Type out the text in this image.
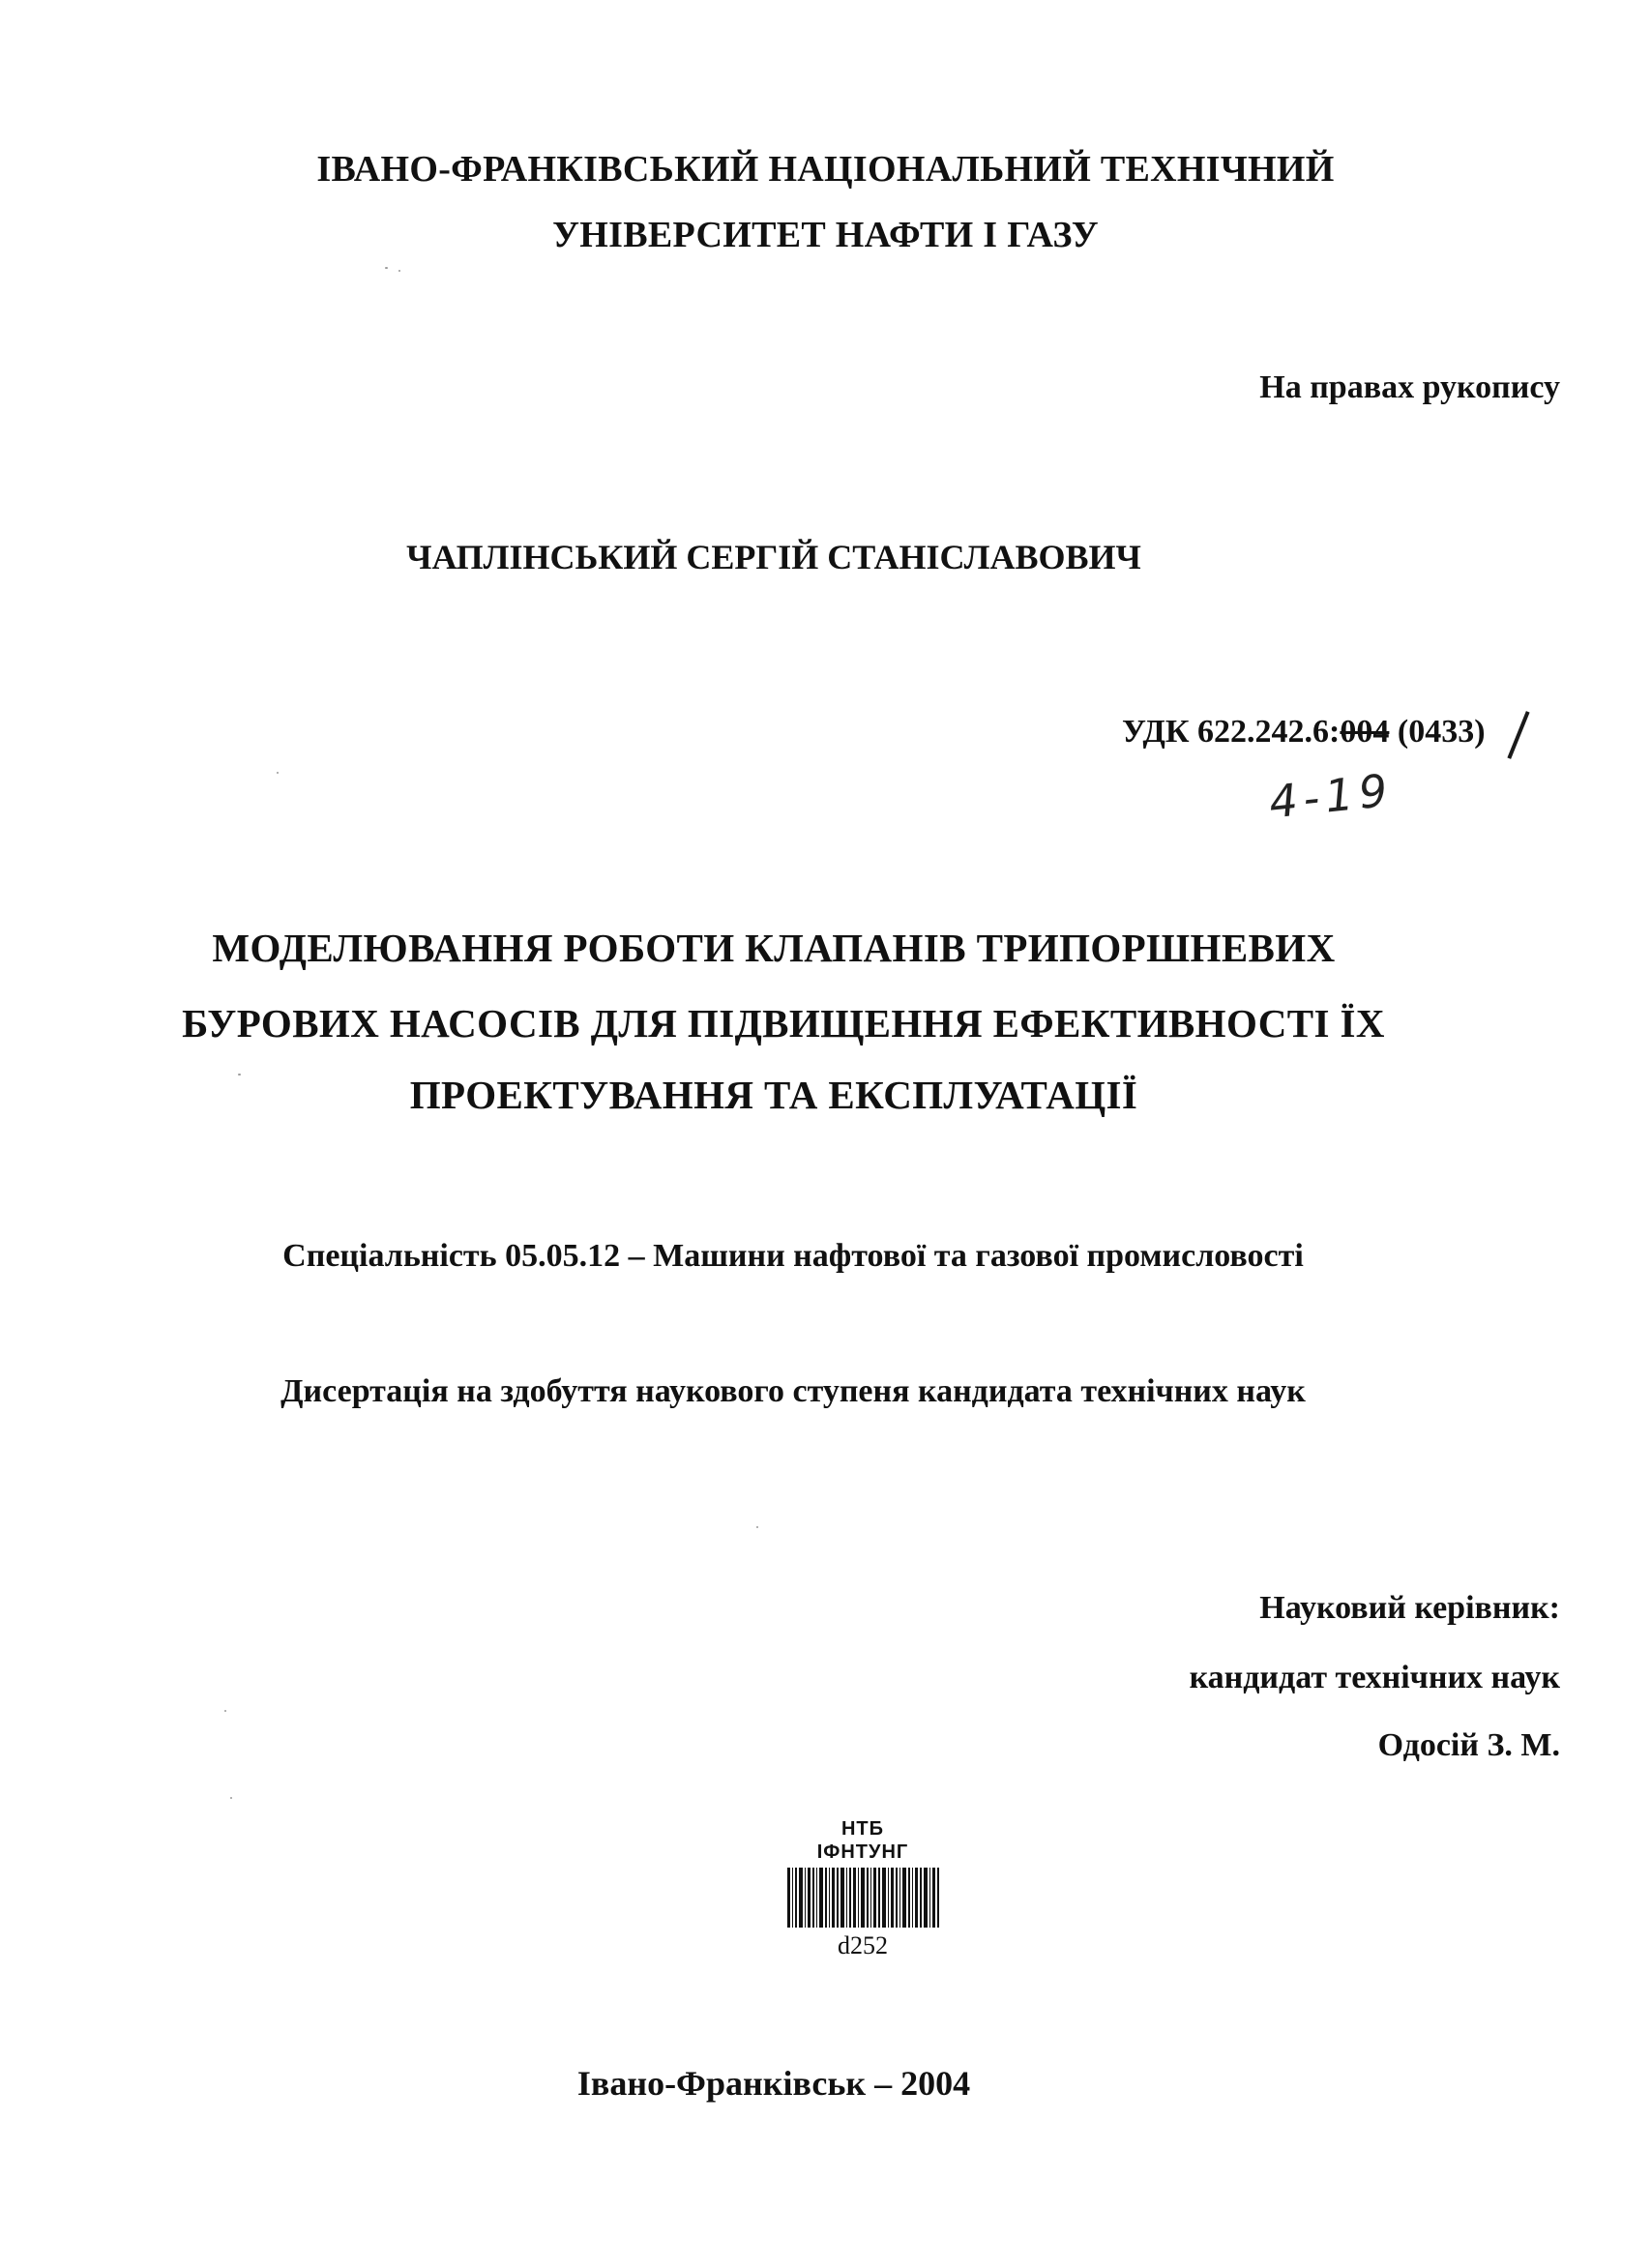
ІВАНО-ФРАНКІВСЬКИЙ НАЦІОНАЛЬНИЙ ТЕХНІЧНИЙ
УНІВЕРСИТЕТ НАФТИ І ГАЗУ
На правах рукопису
ЧАПЛІНСЬКИЙ СЕРГІЙ СТАНІСЛАВОВИЧ
УДК 622.242.6:004 (0433)
4-19
МОДЕЛЮВАННЯ РОБОТИ КЛАПАНІВ ТРИПОРШНЕВИХ
БУРОВИХ НАСОСІВ ДЛЯ ПІДВИЩЕННЯ ЕФЕКТИВНОСТІ ЇХ
ПРОЕКТУВАННЯ ТА ЕКСПЛУАТАЦІЇ
Спеціальність 05.05.12 – Машини нафтової та газової промисловості
Дисертація на здобуття наукового ступеня кандидата технічних наук
Науковий керівник:
кандидат технічних наук
Одосій З. М.
НТБ
ІФНТУНГ
d252
Івано-Франківськ – 2004
